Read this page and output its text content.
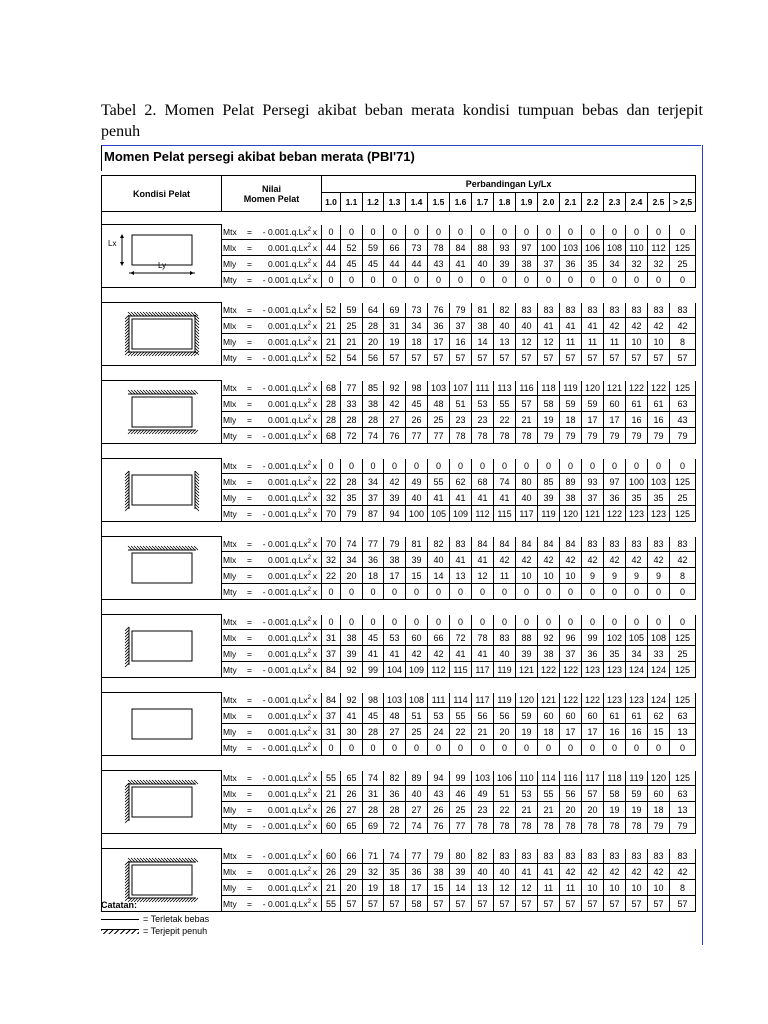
Tabel 2. Momen Pelat Persegi akibat beban merata kondisi tumpuan bebas dan terjepit
penuh
Momen Pelat persegi akibat beban merata (PBI'71)
Kondisi Pelat	Nilai
Momen Pelat	Perbandingan Ly/Lx																
		1.0	1.1	1.2	1.3	1.4	1.5	1.6	1.7	1.8	1.9	2.0	2.1	2.2	2.3	2.4	2.5	> 2,5

Lx
Ly	Mtx = - 0.001.q.Lx$^2$ x	0	0	0	0	0	0	0	0	0	0	0	0	0	0	0	0	0
	Mlx = $0.001.q.Lx^2$ x	44	52	59	66	73	78	84	88	93	97	100	103	106	108	110	112	125
	Mly = $0.001.q.Lx^2$ x	44	45	45	44	44	43	41	40	39	38	37	36	35	34	32	32	25
	Mty = - 0.001.q.Lx$^2$ x	0	0	0	0	0	0	0	0	0	0	0	0	0	0	0	0	0

	Mtx = - 0.001.q.Lx$^2$ x	52	59	64	69	73	76	79	81	82	83	83	83	83	83	83	83	83
	Mlx = $0.001.q.Lx^2$ x	21	25	28	31	34	36	37	38	40	40	41	41	41	42	42	42	42
	Mly = $0.001.q.Lx^2$ x	21	21	20	19	18	17	16	14	13	12	12	11	11	11	10	10	8
	Mty = - 0.001.q.Lx$^2$ x	52	54	56	57	57	57	57	57	57	57	57	57	57	57	57	57	57

	Mtx = - 0.001.q.Lx$^2$ x	68	77	85	92	98	103	107	111	113	116	118	119	120	121	122	122	125
	Mlx = $0.001.q.Lx^2$ x	28	33	38	42	45	48	51	53	55	57	58	59	59	60	61	61	63
	Mly = $0.001.q.Lx^2$ x	28	28	28	27	26	25	23	23	22	21	19	18	17	17	16	16	43
	Mty = - 0.001.q.Lx$^2$ x	68	72	74	76	77	77	78	78	78	78	79	79	79	79	79	79	79

	Mtx = - 0.001.q.Lx$^2$ x	0	0	0	0	0	0	0	0	0	0	0	0	0	0	0	0	0
	Mlx = $0.001.q.Lx^2$ x	22	28	34	42	49	55	62	68	74	80	85	89	93	97	100	103	125
	Mly = $0.001.q.Lx^2$ x	32	35	37	39	40	41	41	41	41	40	39	38	37	36	35	35	25
	Mty = - 0.001.q.Lx$^2$ x	70	79	87	94	100	105	109	112	115	117	119	120	121	122	123	123	125

	Mtx = - 0.001.q.Lx$^2$ x	70	74	77	79	81	82	83	84	84	84	84	84	83	83	83	83	83
	Mlx = $0.001.q.Lx^2$ x	32	34	36	38	39	40	41	41	42	42	42	42	42	42	42	42	42
	Mly = $0.001.q.Lx^2$ x	22	20	18	17	15	14	13	12	11	10	10	10	9	9	9	9	8
	Mty = - 0.001.q.Lx$^2$ x	0	0	0	0	0	0	0	0	0	0	0	0	0	0	0	0	0

	Mtx = - 0.001.q.Lx$^2$ x	0	0	0	0	0	0	0	0	0	0	0	0	0	0	0	0	0
	Mlx = $0.001.q.Lx^2$ x	31	38	45	53	60	66	72	78	83	88	92	96	99	102	105	108	125
	Mly = $0.001.q.Lx^2$ x	37	39	41	41	42	42	41	41	40	39	38	37	36	35	34	33	25
	Mty = - 0.001.q.Lx$^2$ x	84	92	99	104	109	112	115	117	119	121	122	122	123	123	124	124	125

	Mtx = - 0.001.q.Lx$^2$ x	84	92	98	103	108	111	114	117	119	120	121	122	122	123	123	124	125
	Mlx = $0.001.q.Lx^2$ x	37	41	45	48	51	53	55	56	56	59	60	60	60	61	61	62	63
	Mly = $0.001.q.Lx^2$ x	31	30	28	27	25	24	22	21	20	19	18	17	17	16	16	15	13
	Mty = - 0.001.q.Lx$^2$ x	0	0	0	0	0	0	0	0	0	0	0	0	0	0	0	0	0

	Mtx = - 0.001.q.Lx$^2$ x	55	65	74	82	89	94	99	103	106	110	114	116	117	118	119	120	125
	Mlx = $0.001.q.Lx^2$ x	21	26	31	36	40	43	46	49	51	53	55	56	57	58	59	60	63
	Mly = $0.001.q.Lx^2$ x	26	27	28	28	27	26	25	23	22	21	21	20	20	19	19	18	13
	Mty = - 0.001.q.Lx$^2$ x	60	65	69	72	74	76	77	78	78	78	78	78	78	78	78	79	79

	Mtx = - 0.001.q.Lx$^2$ x	60	66	71	74	77	79	80	82	83	83	83	83	83	83	83	83	83
	Mlx = $0.001.q.Lx^2$ x	26	29	32	35	36	38	39	40	40	41	41	42	42	42	42	42	42
	Mly = $0.001.q.Lx^2$ x	21	20	19	18	17	15	14	13	12	12	11	11	10	10	10	10	8
	Mty = - 0.001.q.Lx$^2$ x	55	57	57	57	58	57	57	57	57	57	57	57	57	57	57	57	57
Catatan:
= Terletak bebas
= Terjepit penuh
